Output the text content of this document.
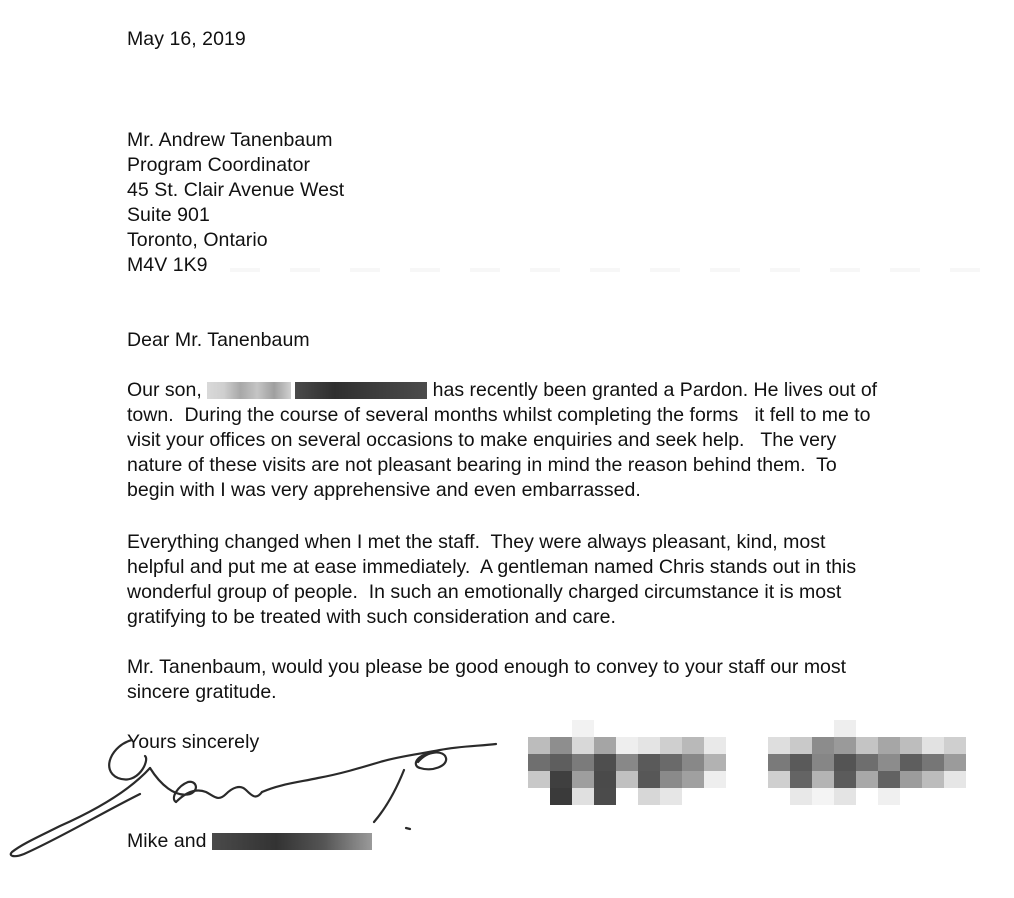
May 16, 2019
Mr. Andrew Tanenbaum
Program Coordinator
45 St. Clair Avenue West
Suite 901
Toronto, Ontario
M4V 1K9
Dear Mr. Tanenbaum
Our son,	has recently been granted a Pardon. He lives out of
town.  During the course of several months whilst completing the forms   it fell to me to
visit your offices on several occasions to make enquiries and seek help.   The very
nature of these visits are not pleasant bearing in mind the reason behind them.  To
begin with I was very apprehensive and even embarrassed.
Everything changed when I met the staff.  They were always pleasant, kind, most
helpful and put me at ease immediately.  A gentleman named Chris stands out in this
wonderful group of people.  In such an emotionally charged circumstance it is most
gratifying to be treated with such consideration and care.
Mr. Tanenbaum, would you please be good enough to convey to your staff our most
sincere gratitude.
Yours sincerely
Mike and
